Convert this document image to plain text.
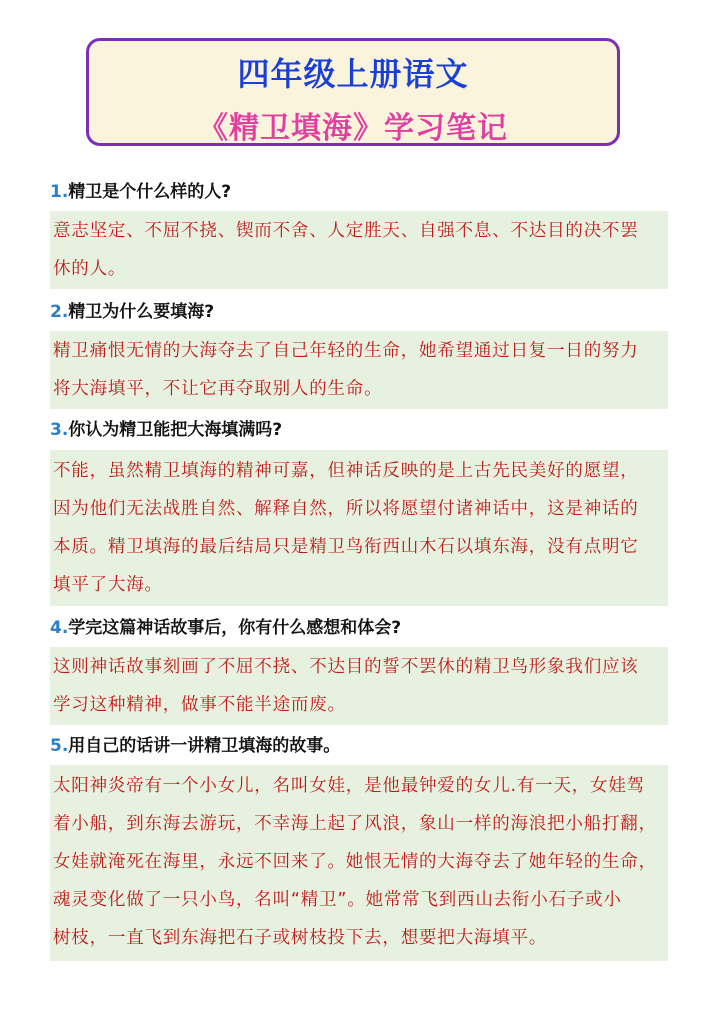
四年级上册语文
《精卫填海》学习笔记
1.精卫是个什么样的人?
意志坚定、不屈不挠、锲而不舍、人定胜天、自强不息、不达目的决不罢
休的人。
2.精卫为什么要填海?
精卫痛恨无情的大海夺去了自己年轻的生命，她希望通过日复一日的努力
将大海填平，不让它再夺取别人的生命。
3.你认为精卫能把大海填满吗?
不能，虽然精卫填海的精神可嘉，但神话反映的是上古先民美好的愿望，
因为他们无法战胜自然、解释自然，所以将愿望付诸神话中，这是神话的
本质。精卫填海的最后结局只是精卫鸟衔西山木石以填东海，没有点明它
填平了大海。
4.学完这篇神话故事后，你有什么感想和体会?
这则神话故事刻画了不屈不挠、不达目的誓不罢休的精卫鸟形象我们应该
学习这种精神，做事不能半途而废。
5.用自己的话讲一讲精卫填海的故事。
太阳神炎帝有一个小女儿，名叫女娃，是他最钟爱的女儿.有一天，女娃驾
着小船，到东海去游玩，不幸海上起了风浪，象山一样的海浪把小船打翻，
女娃就淹死在海里，永远不回来了。她恨无情的大海夺去了她年轻的生命，
魂灵变化做了一只小鸟，名叫“精卫”。她常常飞到西山去衔小石子或小
树枝，一直飞到东海把石子或树枝投下去，想要把大海填平。
